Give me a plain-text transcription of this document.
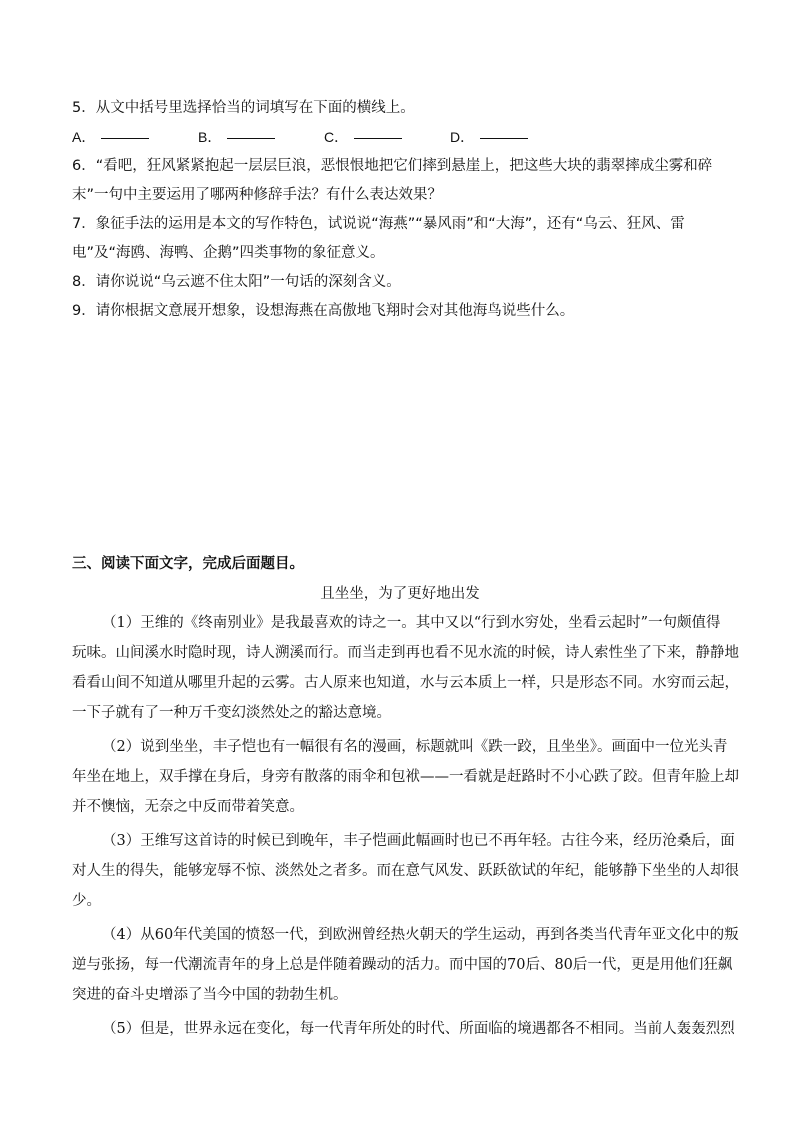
5．从文中括号里选择恰当的词填写在下面的横线上。
A．	B．	C．	D．
6．“看吧，狂风紧紧抱起一层层巨浪，恶恨恨地把它们摔到悬崖上，把这些大块的翡翠摔成尘雾和碎
末”一句中主要运用了哪两种修辞手法？有什么表达效果？
7．象征手法的运用是本文的写作特色，试说说“海燕”“暴风雨”和“大海”，还有“乌云、狂风、雷
电”及“海鸥、海鸭、企鹅”四类事物的象征意义。
8．请你说说“乌云遮不住太阳”一句话的深刻含义。
9．请你根据文意展开想象，设想海燕在高傲地飞翔时会对其他海鸟说些什么。
三、阅读下面文字，完成后面题目。
且坐坐，为了更好地出发
（1）王维的《终南别业》是我最喜欢的诗之一。其中又以“行到水穷处，坐看云起时”一句颇值得
玩味。山间溪水时隐时现，诗人溯溪而行。而当走到再也看不见水流的时候，诗人索性坐了下来，静静地
看看山间不知道从哪里升起的云雾。古人原来也知道，水与云本质上一样，只是形态不同。水穷而云起，
一下子就有了一种万千变幻淡然处之的豁达意境。
（2）说到坐坐，丰子恺也有一幅很有名的漫画，标题就叫《跌一跤，且坐坐》。画面中一位光头青
年坐在地上，双手撑在身后，身旁有散落的雨伞和包袱——一看就是赶路时不小心跌了跤。但青年脸上却
并不懊恼，无奈之中反而带着笑意。
（3）王维写这首诗的时候已到晚年，丰子恺画此幅画时也已不再年轻。古往今来，经历沧桑后，面
对人生的得失，能够宠辱不惊、淡然处之者多。而在意气风发、跃跃欲试的年纪，能够静下坐坐的人却很
少。
（4）从60年代美国的愤怒一代，到欧洲曾经热火朝天的学生运动，再到各类当代青年亚文化中的叛
逆与张扬，每一代潮流青年的身上总是伴随着躁动的活力。而中国的70后、80后一代，更是用他们狂飙
突进的奋斗史增添了当今中国的勃勃生机。
（5）但是，世界永远在变化，每一代青年所处的时代、所面临的境遇都各不相同。当前人轰轰烈烈
